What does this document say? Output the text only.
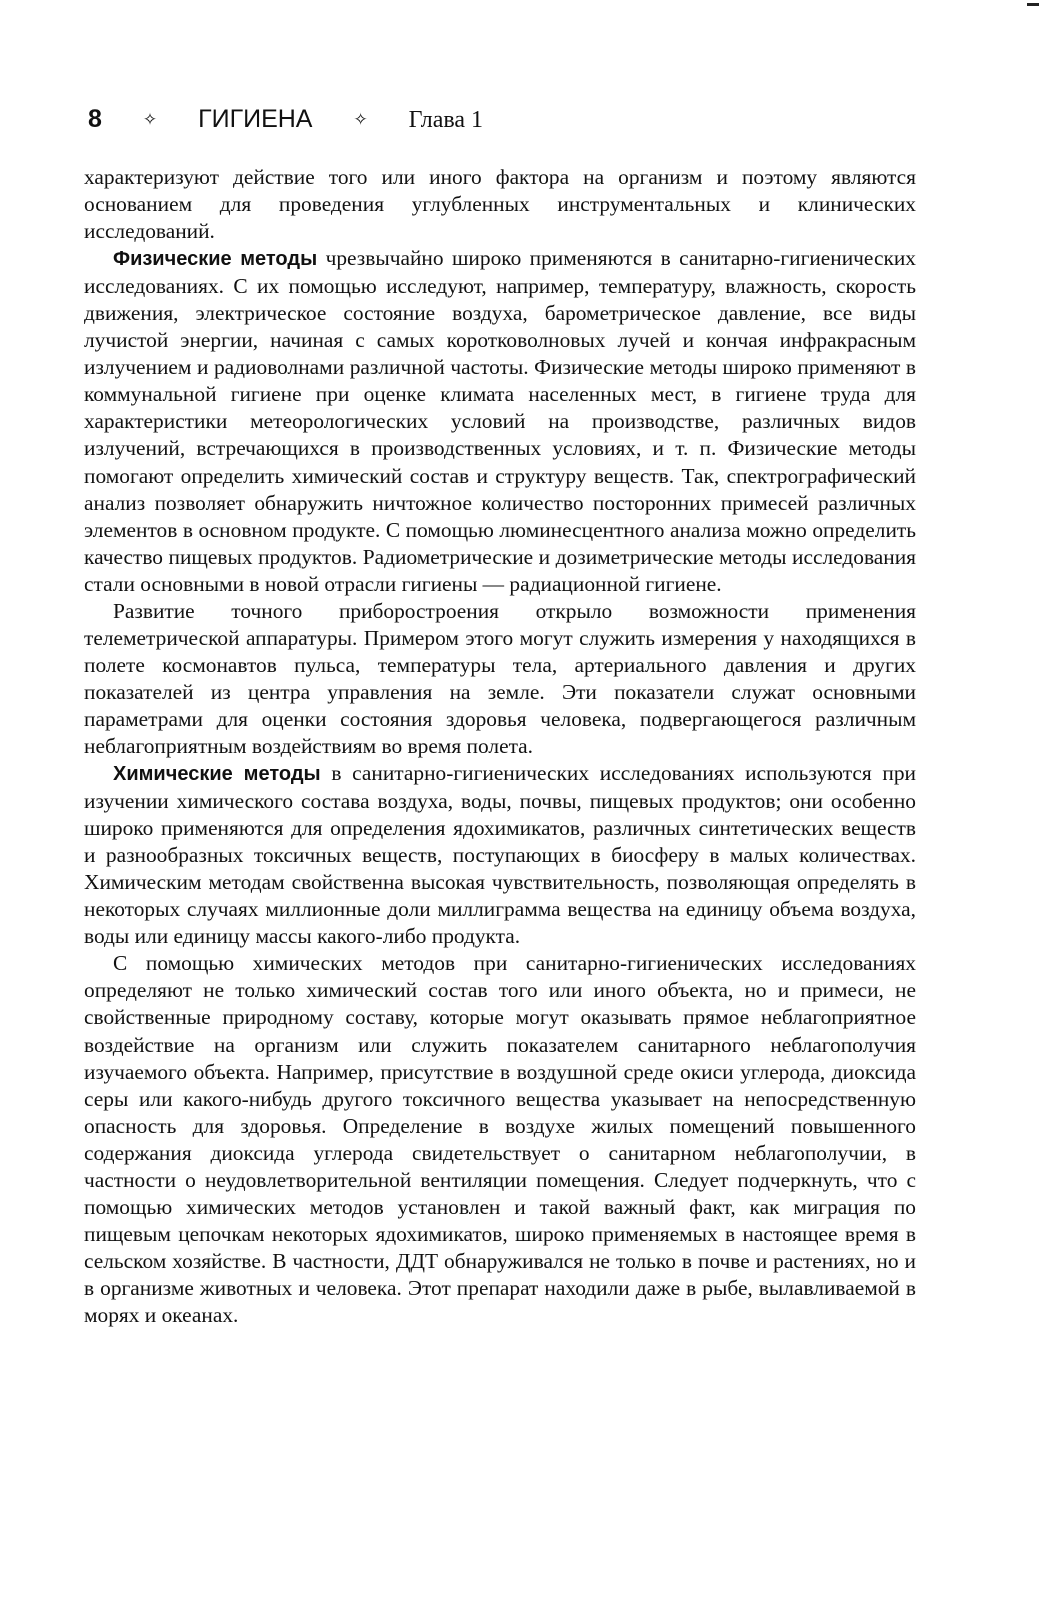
8 ✧ ГИГИЕНА ✧ Глава 1

характеризуют действие того или иного фактора на организм и поэтому являются основанием для проведения углубленных инструментальных и клинических исследований.

Физические методы чрезвычайно широко применяются в санитарно-гигиенических исследованиях. С их помощью исследуют, например, температуру, влажность, скорость движения, электрическое состояние воздуха, барометрическое давление, все виды лучистой энергии, начиная с самых коротковолновых лучей и кончая инфракрасным излучением и радиоволнами различной частоты. Физические методы широко применяют в коммунальной гигиене при оценке климата населенных мест, в гигиене труда для характеристики метеорологических условий на производстве, различных видов излучений, встречающихся в производственных условиях, и т. п. Физические методы помогают определить химический состав и структуру веществ. Так, спектрографический анализ позволяет обнаружить ничтожное количество посторонних примесей различных элементов в основном продукте. С помощью люминесцентного анализа можно определить качество пищевых продуктов. Радиометрические и дозиметрические методы исследования стали основными в новой отрасли гигиены — радиационной гигиене.

Развитие точного приборостроения открыло возможности применения телеметрической аппаратуры. Примером этого могут служить измерения у находящихся в полете космонавтов пульса, температуры тела, артериального давления и других показателей из центра управления на земле. Эти показатели служат основными параметрами для оценки состояния здоровья человека, подвергающегося различным неблагоприятным воздействиям во время полета.

Химические методы в санитарно-гигиенических исследованиях используются при изучении химического состава воздуха, воды, почвы, пищевых продуктов; они особенно широко применяются для определения ядохимикатов, различных синтетических веществ и разнообразных токсичных веществ, поступающих в биосферу в малых количествах. Химическим методам свойственна высокая чувствительность, позволяющая определять в некоторых случаях миллионные доли миллиграмма вещества на единицу объема воздуха, воды или единицу массы какого-либо продукта.

С помощью химических методов при санитарно-гигиенических исследованиях определяют не только химический состав того или иного объекта, но и примеси, не свойственные природному составу, которые могут оказывать прямое неблагоприятное воздействие на организм или служить показателем санитарного неблагополучия изучаемого объекта. Например, присутствие в воздушной среде окиси углерода, диоксида серы или какого-нибудь другого токсичного вещества указывает на непосредственную опасность для здоровья. Определение в воздухе жилых помещений повышенного содержания диоксида углерода свидетельствует о санитарном неблагополучии, в частности о неудовлетворительной вентиляции помещения. Следует подчеркнуть, что с помощью химических методов установлен и такой важный факт, как миграция по пищевым цепочкам некоторых ядохимикатов, широко применяемых в настоящее время в сельском хозяйстве. В частности, ДДТ обнаруживался не только в почве и растениях, но и в организме животных и человека. Этот препарат находили даже в рыбе, вылавливаемой в морях и океанах.
